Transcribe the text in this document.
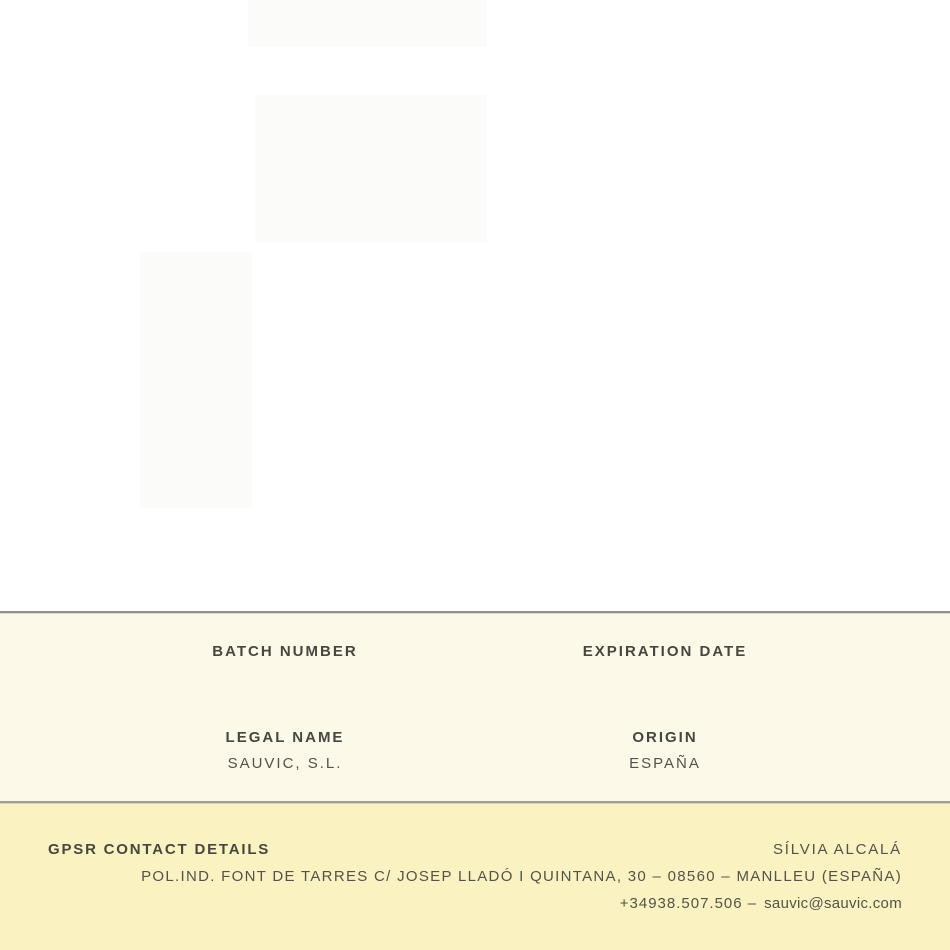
BATCH NUMBER	EXPIRATION DATE
LEGAL NAME
SAUVIC, S.L.
ORIGIN
ESPAÑA
GPSR CONTACT DETAILS	SÍLVIA ALCALÁ
POL.IND. FONT DE TARRES C/ JOSEP LLADÓ I QUINTANA, 30 – 08560 – MANLLEU (ESPAÑA)
+34938.507.506 – sauvic@sauvic.com
